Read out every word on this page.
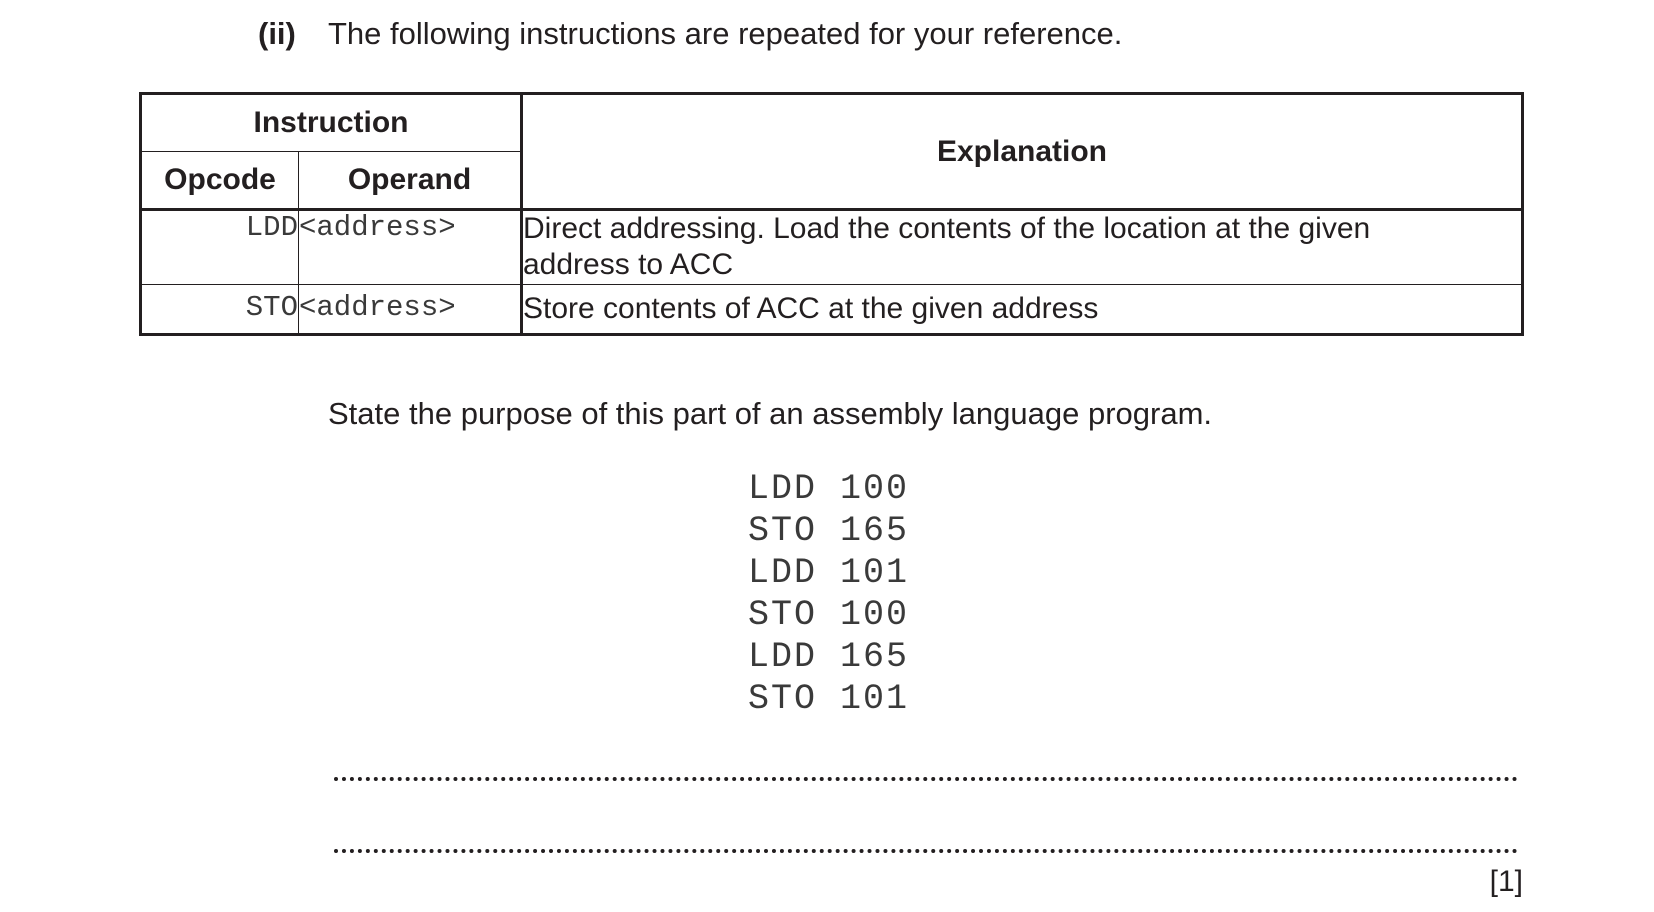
(ii) The following instructions are repeated for your reference.
Instruction		Explanation
Opcode	Operand	
LDD	<address>	Direct addressing. Load the contents of the location at the given
address to ACC

STO	<address>	Store contents of ACC at the given address
State the purpose of this part of an assembly language program.
LDD 100
STO 165
LDD 101
STO 100
LDD 165
STO 101
[1]
